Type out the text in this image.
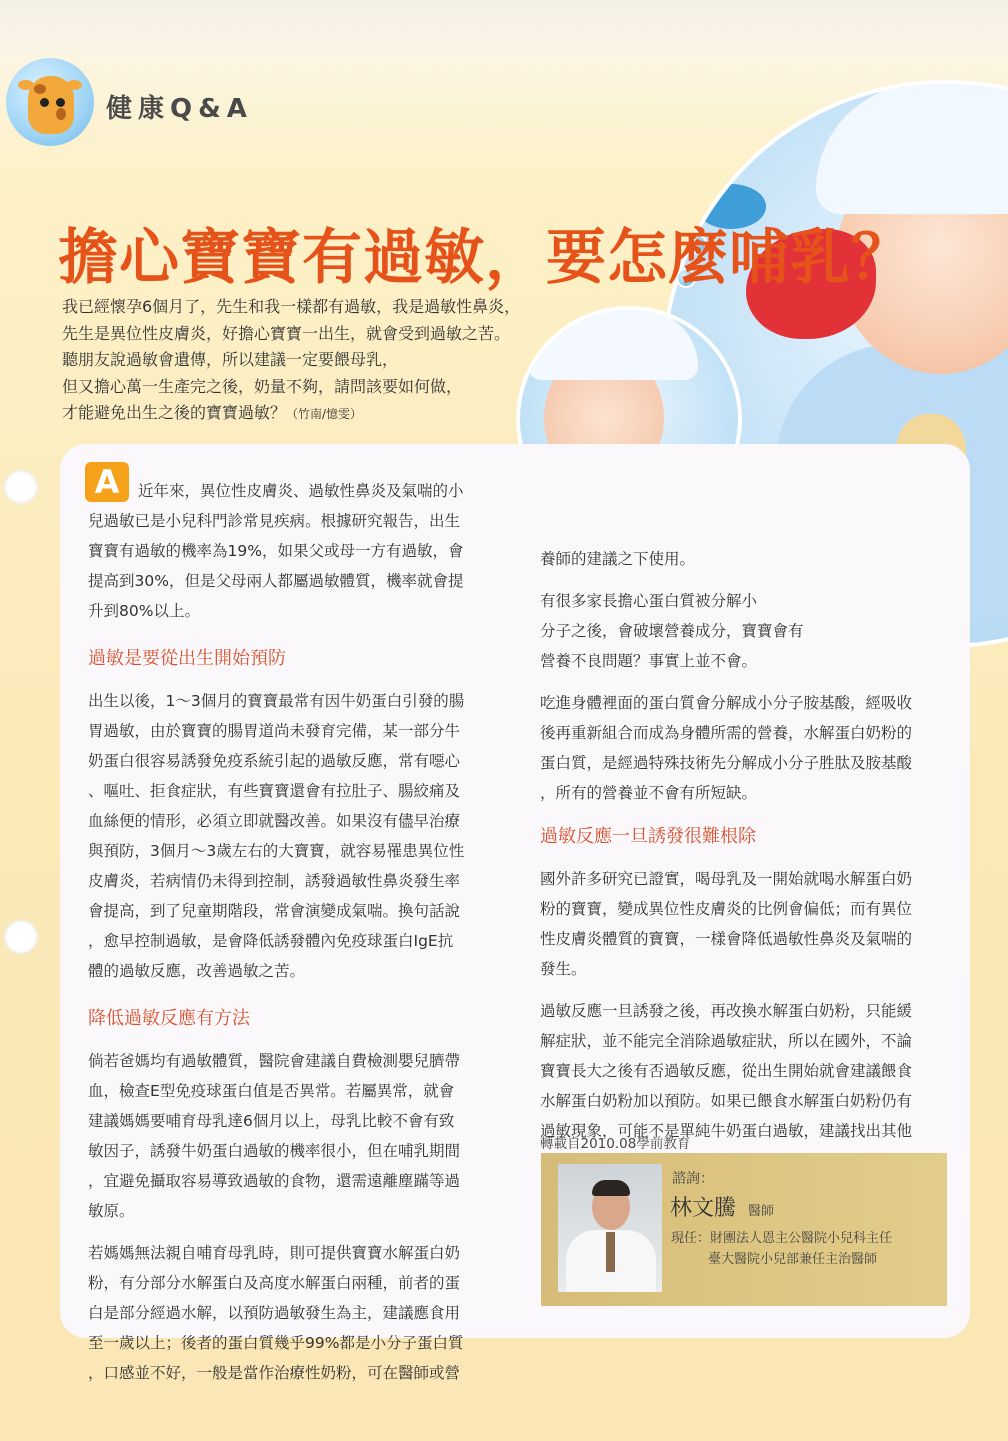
健康Q&A
擔心寶寶有過敏，要怎麼哺乳？

我已經懷孕6個月了，先生和我一樣都有過敏，我是過敏性鼻炎，

先生是異位性皮膚炎，好擔心寶寶一出生，就會受到過敏之苦。

聽朋友說過敏會遺傳，所以建議一定要餵母乳，

但又擔心萬一生產完之後，奶量不夠，請問該要如何做，

才能避免出生之後的寶寶過敏？（竹南/憶雯）

A	近年來，異位性皮膚炎、過敏性鼻炎及氣喘的小

兒過敏已是小兒科門診常見疾病。根據研究報告，出生

寶寶有過敏的機率為19%，如果父或母一方有過敏，會

提高到30%，但是父母兩人都屬過敏體質，機率就會提

升到80%以上。

過敏是要從出生開始預防

出生以後，1～3個月的寶寶最常有因牛奶蛋白引發的腸

胃過敏，由於寶寶的腸胃道尚未發育完備，某一部分牛

奶蛋白很容易誘發免疫系統引起的過敏反應，常有噁心

、嘔吐、拒食症狀，有些寶寶還會有拉肚子、腸絞痛及

血絲便的情形，必須立即就醫改善。如果沒有儘早治療

與預防，3個月～3歲左右的大寶寶，就容易罹患異位性

皮膚炎，若病情仍未得到控制，誘發過敏性鼻炎發生率

會提高，到了兒童期階段，常會演變成氣喘。換句話說

，愈早控制過敏，是會降低誘發體內免疫球蛋白IgE抗

體的過敏反應，改善過敏之苦。

降低過敏反應有方法

倘若爸媽均有過敏體質，醫院會建議自費檢測嬰兒臍帶

血，檢查E型免疫球蛋白值是否異常。若屬異常，就會

建議媽媽要哺育母乳達6個月以上，母乳比較不會有致

敏因子，誘發牛奶蛋白過敏的機率很小，但在哺乳期間

，宜避免攝取容易導致過敏的食物，還需遠離塵蹣等過

敏原。

若媽媽無法親自哺育母乳時，則可提供寶寶水解蛋白奶

粉，有分部分水解蛋白及高度水解蛋白兩種，前者的蛋

白是部分經過水解，以預防過敏發生為主，建議應食用

至一歲以上；後者的蛋白質幾乎99%都是小分子蛋白質

，口感並不好，一般是當作治療性奶粉，可在醫師或營

養師的建議之下使用。

有很多家長擔心蛋白質被分解小

分子之後，會破壞營養成分，寶寶會有

營養不良問題？事實上並不會。

吃進身體裡面的蛋白質會分解成小分子胺基酸，經吸收

後再重新組合而成為身體所需的營養，水解蛋白奶粉的

蛋白質，是經過特殊技術先分解成小分子胜肽及胺基酸

，所有的營養並不會有所短缺。

過敏反應一旦誘發很難根除

國外許多研究已證實，喝母乳及一開始就喝水解蛋白奶

粉的寶寶，變成異位性皮膚炎的比例會偏低；而有異位

性皮膚炎體質的寶寶，一樣會降低過敏性鼻炎及氣喘的

發生。

過敏反應一旦誘發之後，再改換水解蛋白奶粉，只能緩

解症狀，並不能完全消除過敏症狀，所以在國外，不論

寶寶長大之後有否過敏反應，從出生開始就會建議餵食

水解蛋白奶粉加以預防。如果已餵食水解蛋白奶粉仍有

過敏現象，可能不是單純牛奶蛋白過敏，建議找出其他

轉載自2010.08學前教育
諮詢：
林文騰 醫師
現任：財團法人恩主公醫院小兒科主任
臺大醫院小兒部兼任主治醫師
